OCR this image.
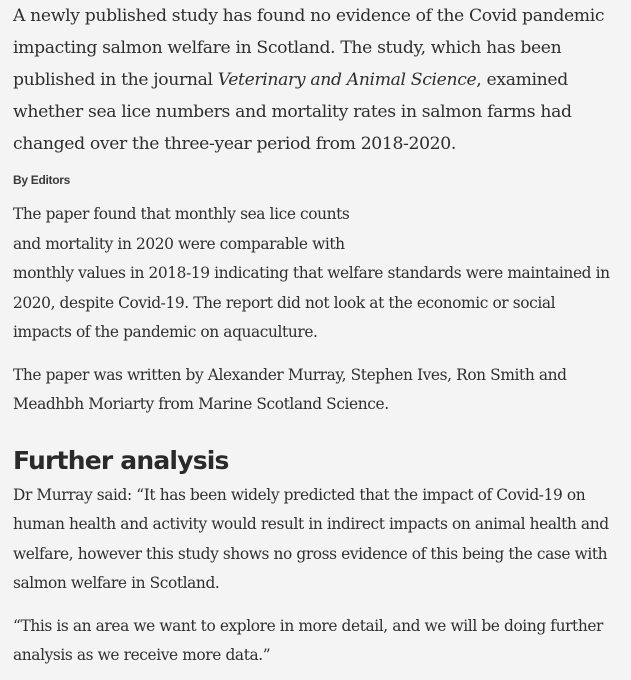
A newly published study has found no evidence of the Covid pandemic impacting salmon welfare in Scotland. The study, which has been published in the journal Veterinary and Animal Science, examined whether sea lice numbers and mortality rates in salmon farms had changed over the three-year period from 2018-2020.

By Editors

The paper found that monthly sea lice counts
and mortality in 2020 were comparable with
monthly values in 2018-19 indicating that welfare standards were maintained in 2020, despite Covid-19. The report did not look at the economic or social impacts of the pandemic on aquaculture.

The paper was written by Alexander Murray, Stephen Ives, Ron Smith and Meadhbh Moriarty from Marine Scotland Science.

Further analysis

Dr Murray said: “It has been widely predicted that the impact of Covid-19 on human health and activity would result in indirect impacts on animal health and welfare, however this study shows no gross evidence of this being the case with salmon welfare in Scotland.

“This is an area we want to explore in more detail, and we will be doing further analysis as we receive more data.”
